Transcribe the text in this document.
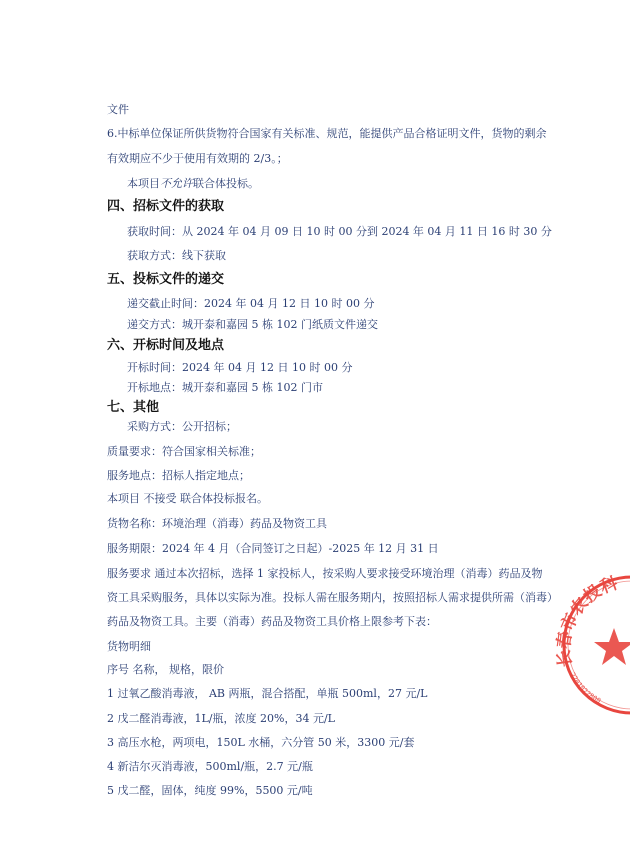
文件
6.中标单位保证所供货物符合国家有关标准、规范，能提供产品合格证明文件，货物的剩余
有效期应不少于使用有效期的 2/3。；
本项目不允许联合体投标。
四、招标文件的获取
获取时间：从 2024 年 04 月 09 日 10 时 00 分到 2024 年 04 月 11 日 16 时 30 分
获取方式：线下获取
五、投标文件的递交
递交截止时间：2024 年 04 月 12 日 10 时 00 分
递交方式：城开泰和嘉园 5 栋 102 门纸质文件递交
六、开标时间及地点
开标时间：2024 年 04 月 12 日 10 时 00 分
开标地点：城开泰和嘉园 5 栋 102 门市
七、其他
采购方式：公开招标；
质量要求：符合国家相关标准；
服务地点：招标人指定地点；
本项目 不接受 联合体投标报名。
货物名称：环境治理（消毒）药品及物资工具
服务期限：2024 年 4 月（合同签订之日起）-2025 年 12 月 31 日
服务要求 通过本次招标，选择 1 家投标人，按采购人要求接受环境治理（消毒）药品及物
资工具采购服务，具体以实际为准。投标人需在服务期内，按照招标人需求提供所需（消毒）
药品及物资工具。主要（消毒）药品及物资工具价格上限参考下表：
货物明细
序号 名称， 规格，限价
1 过氧乙酸消毒液， AB 两瓶，混合搭配，单瓶 500ml，27 元/L
2 戊二醛消毒液，1L/瓶，浓度 20%，34 元/L
3 高压水枪，两项电，150L 水桶，六分管 50 米，3300 元/套
4 新洁尔灭消毒液，500ml/瓶，2.7 元/瓶
5 戊二醛，固体，纯度 99%，5500 元/吨
长春市农投科
2201022800
